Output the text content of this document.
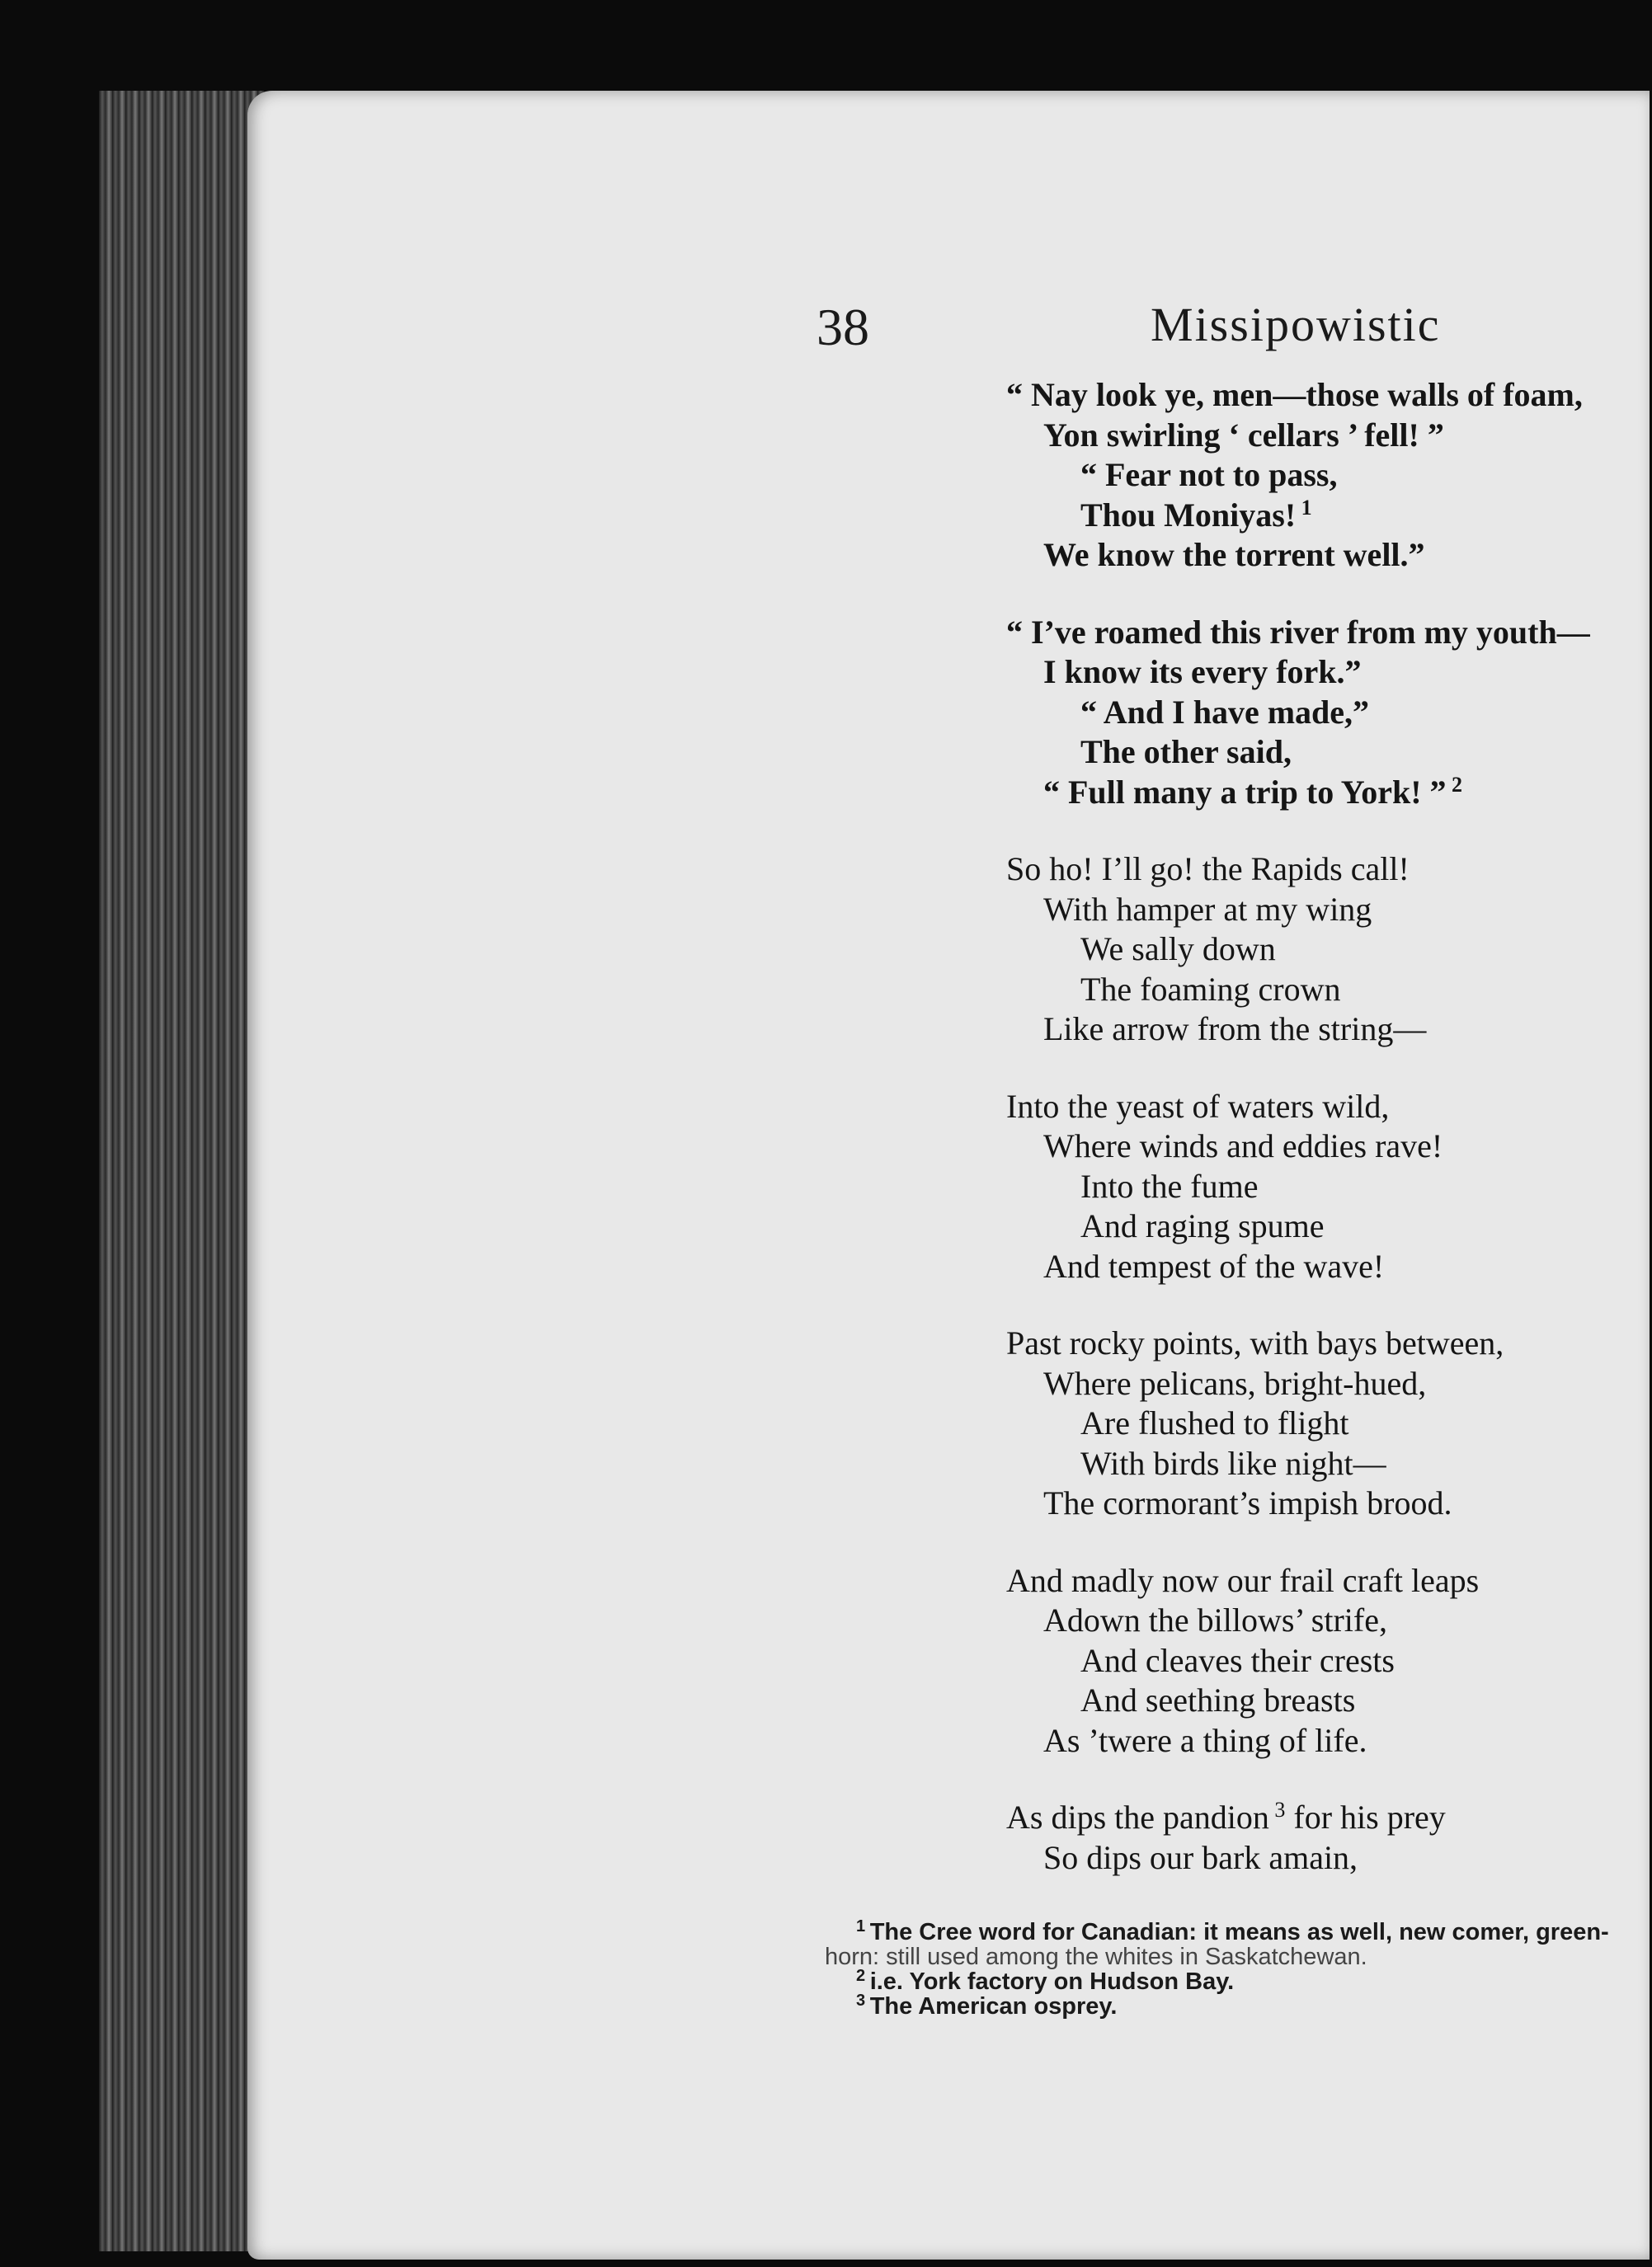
38	Missipowistic
“ Nay look ye, men—those walls of foam,
Yon swirling ‘ cellars ’ fell! ”
“ Fear not to pass,
Thou Moniyas! $^1$
We know the torrent well.”
“ I’ve roamed this river from my youth—
I know its every fork.”
“ And I have made,”
The other said,
“ Full many a trip to York! ” $^2$
So ho! I’ll go! the Rapids call!
With hamper at my wing
We sally down
The foaming crown
Like arrow from the string—
Into the yeast of waters wild,
Where winds and eddies rave!
Into the fume
And raging spume
And tempest of the wave!
Past rocky points, with bays between,
Where pelicans, bright-hued,
Are flushed to flight
With birds like night—
The cormorant’s impish brood.
And madly now our frail craft leaps
Adown the billows’ strife,
And cleaves their crests
And seething breasts
As ’twere a thing of life.
As dips the pandion $^3$ for his prey
So dips our bark amain,
$^1$ The Cree word for Canadian: it means as well, new comer, green-
horn: still used among the whites in Saskatchewan.
$^2$ i.e. York factory on Hudson Bay.
$^3$ The American osprey.
